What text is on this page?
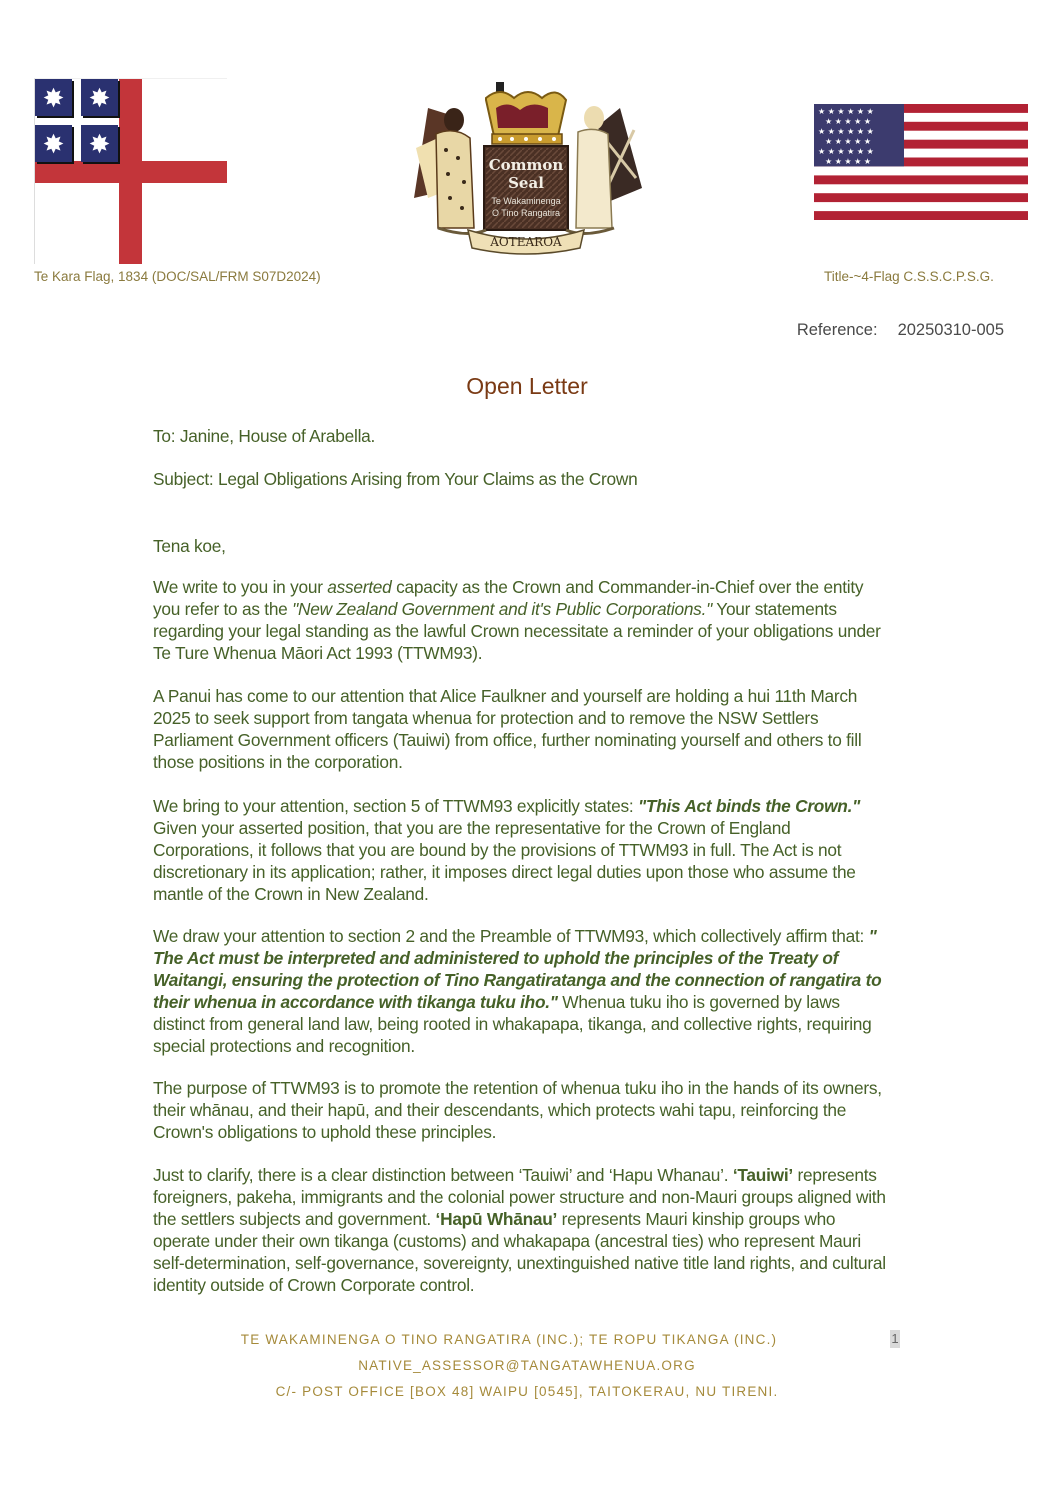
✸ ✸
✸ ✸
Te Kara Flag, 1834 (DOC/SAL/FRM S07D2024)
Common
Seal
Te Wakaminenga
O Tino Rangatira
AOTEAROA
★ ★ ★ ★ ★ ★
★ ★ ★ ★ ★
★ ★ ★ ★ ★ ★
★ ★ ★ ★ ★
★ ★ ★ ★ ★ ★
★ ★ ★ ★ ★
Title-~4-Flag C.S.S.C.P.S.G.
Reference: 20250310-005
Open Letter
To: Janine, House of Arabella.
Subject: Legal Obligations Arising from Your Claims as the Crown
Tena koe,

We write to you in your asserted capacity as the Crown and Commander-in-Chief over the entity you refer to as the "New Zealand Government and it's Public Corporations." Your statements regarding your legal standing as the lawful Crown necessitate a reminder of your obligations under Te Ture Whenua Māori Act 1993 (TTWM93).

A Panui has come to our attention that Alice Faulkner and yourself are holding a hui 11th March 2025 to seek support from tangata whenua for protection and to remove the NSW Settlers Parliament Government officers (Tauiwi) from office, further nominating yourself and others to fill those positions in the corporation.

We bring to your attention, section 5 of TTWM93 explicitly states: "This Act binds the Crown." Given your asserted position, that you are the representative for the Crown of England Corporations, it follows that you are bound by the provisions of TTWM93 in full. The Act is not discretionary in its application; rather, it imposes direct legal duties upon those who assume the mantle of the Crown in New Zealand.

We draw your attention to section 2 and the Preamble of TTWM93, which collectively affirm that: " The Act must be interpreted and administered to uphold the principles of the Treaty of Waitangi, ensuring the protection of Tino Rangatiratanga and the connection of rangatira to their whenua in accordance with tikanga tuku iho." Whenua tuku iho is governed by laws distinct from general land law, being rooted in whakapapa, tikanga, and collective rights, requiring special protections and recognition.

The purpose of TTWM93 is to promote the retention of whenua tuku iho in the hands of its owners, their whānau, and their hapū, and their descendants, which protects wahi tapu, reinforcing the Crown's obligations to uphold these principles.

Just to clarify, there is a clear distinction between ‘Tauiwi’ and ‘Hapu Whanau’. ‘Tauiwi’ represents foreigners, pakeha, immigrants and the colonial power structure and non-Mauri groups aligned with the settlers subjects and government. ‘Hapū Whānau’ represents Mauri kinship groups who operate under their own tikanga (customs) and whakapapa (ancestral ties) who represent Mauri self-determination, self-governance, sovereignty, unextinguished native title land rights, and cultural identity outside of Crown Corporate control.

TE WAKAMINENGA O TINO RANGATIRA (INC.); TE ROPU TIKANGA (INC.)	1
NATIVE_ASSESSOR@TANGATAWHENUA.ORG
C/- POST OFFICE [BOX 48] WAIPU [0545], TAITOKERAU, NU TIRENI.
